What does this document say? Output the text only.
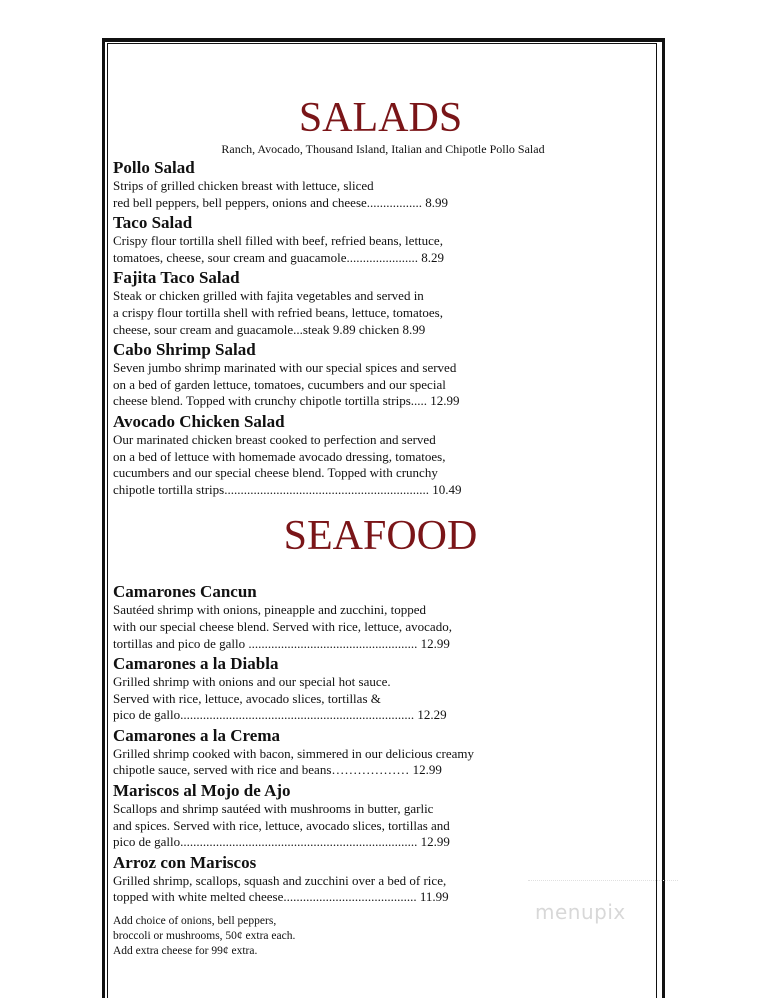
SALADS
Ranch, Avocado, Thousand Island, Italian and Chipotle Pollo Salad
Pollo Salad
Strips of grilled chicken breast with lettuce, sliced
red bell peppers, bell peppers, onions and cheese................. 8.99
Taco Salad
Crispy flour tortilla shell filled with beef, refried beans, lettuce,
tomatoes, cheese, sour cream and guacamole...................... 8.29
Fajita Taco Salad
Steak or chicken grilled with fajita vegetables and served in
a crispy flour tortilla shell with refried beans, lettuce, tomatoes,
cheese, sour cream and guacamole...steak 9.89 chicken 8.99
Cabo Shrimp Salad
Seven jumbo shrimp marinated with our special spices and served
on a bed of garden lettuce, tomatoes, cucumbers and our special
cheese blend. Topped with crunchy chipotle tortilla strips..... 12.99
Avocado Chicken Salad
Our marinated chicken breast cooked to perfection and served
on a bed of lettuce with homemade avocado dressing, tomatoes,
cucumbers and our special cheese blend. Topped with crunchy
chipotle tortilla strips............................................................... 10.49
SEAFOOD
Camarones Cancun
Sautéed shrimp with onions, pineapple and zucchini, topped
with our special cheese blend. Served with rice, lettuce, avocado,
tortillas and pico de gallo .................................................... 12.99
Camarones a la Diabla
Grilled shrimp with onions and our special hot sauce.
Served with rice, lettuce, avocado slices, tortillas &
pico de gallo........................................................................ 12.29
Camarones a la Crema
Grilled shrimp cooked with bacon, simmered in our delicious creamy
chipotle sauce, served with rice and beans……………… 12.99
Mariscos al Mojo de Ajo
Scallops and shrimp sautéed with mushrooms in butter, garlic
and spices. Served with rice, lettuce, avocado slices, tortillas and
pico de gallo......................................................................... 12.99
Arroz con Mariscos
Grilled shrimp, scallops, squash and zucchini over a bed of rice,
topped with white melted cheese......................................... 11.99
Add choice of onions, bell peppers,
broccoli or mushrooms, 50¢ extra each.
Add extra cheese for 99¢ extra.
menupix
